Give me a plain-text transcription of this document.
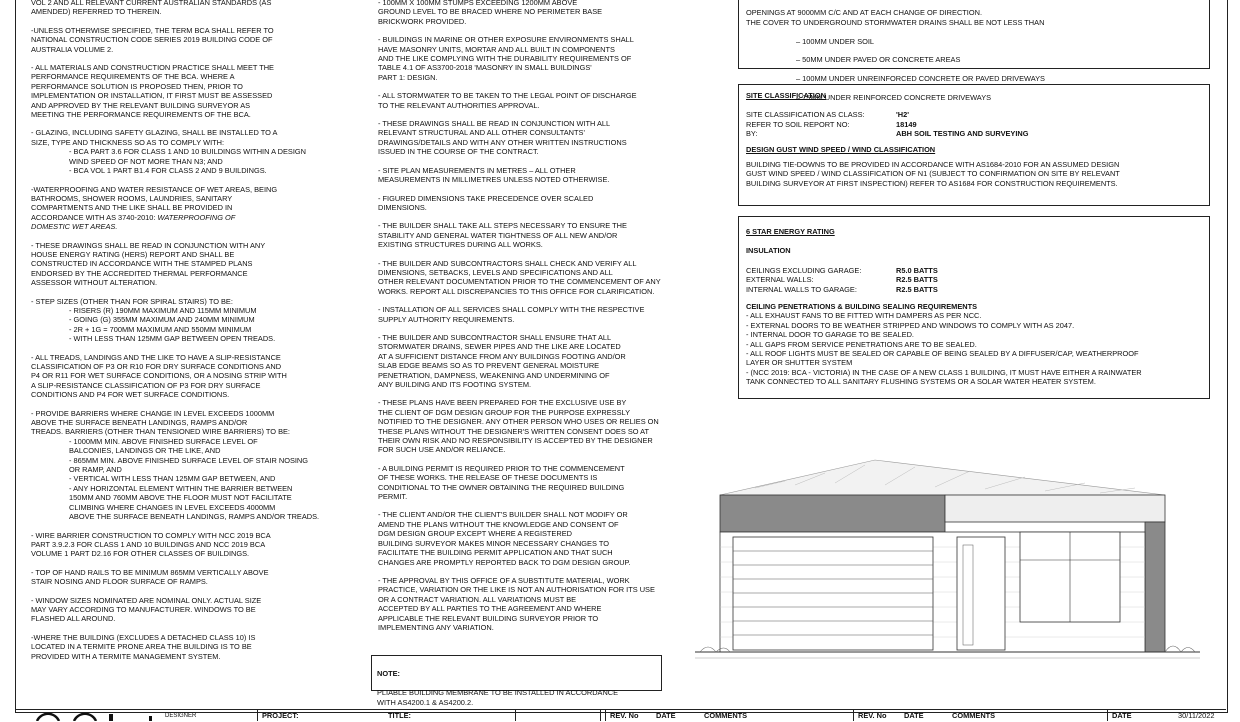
VOL 2 AND ALL RELEVANT CURRENT AUSTRALIAN STANDARDS (AS
AMENDED) REFERRED TO THEREIN.

-UNLESS OTHERWISE SPECIFIED, THE TERM BCA SHALL REFER TO
NATIONAL CONSTRUCTION CODE SERIES 2019 BUILDING CODE OF
AUSTRALIA VOLUME 2.

- ALL MATERIALS AND CONSTRUCTION PRACTICE SHALL MEET THE
PERFORMANCE REQUIREMENTS OF THE BCA. WHERE A
PERFORMANCE SOLUTION IS PROPOSED THEN, PRIOR TO
IMPLEMENTATION OR INSTALLATION, IT FIRST MUST BE ASSESSED
AND APPROVED BY THE RELEVANT BUILDING SURVEYOR AS
MEETING THE PERFORMANCE REQUIREMENTS OF THE BCA.

- GLAZING, INCLUDING SAFETY GLAZING, SHALL BE INSTALLED TO A
SIZE, TYPE AND THICKNESS SO AS TO COMPLY WITH:
- BCA PART 3.6 FOR CLASS 1 AND 10 BUILDINGS WITHIN A DESIGN
WIND SPEED OF NOT MORE THAN N3; AND
- BCA VOL 1 PART B1.4 FOR CLASS 2 AND 9 BUILDINGS.

-WATERPROOFING AND WATER RESISTANCE OF WET AREAS, BEING
BATHROOMS, SHOWER ROOMS, LAUNDRIES, SANITARY
COMPARTMENTS AND THE LIKE SHALL BE PROVIDED IN
ACCORDANCE WITH AS 3740-2010: WATERPROOFING OF
DOMESTIC WET AREAS.

- THESE DRAWINGS SHALL BE READ IN CONJUNCTION WITH ANY
HOUSE ENERGY RATING (HERS) REPORT AND SHALL BE
CONSTRUCTED IN ACCORDANCE WITH THE STAMPED PLANS
ENDORSED BY THE ACCREDITED THERMAL PERFORMANCE
ASSESSOR WITHOUT ALTERATION.

- STEP SIZES (OTHER THAN FOR SPIRAL STAIRS) TO BE:
- RISERS (R) 190MM MAXIMUM AND 115MM MINIMUM
- GOING (G) 355MM MAXIMUM AND 240MM MINIMUM
- 2R + 1G = 700MM MAXIMUM AND 550MM MINIMUM
- WITH LESS THAN 125MM GAP BETWEEN OPEN TREADS.

- ALL TREADS, LANDINGS AND THE LIKE TO HAVE A SLIP-RESISTANCE
CLASSIFICATION OF P3 OR R10 FOR DRY SURFACE CONDITIONS AND
P4 OR R11 FOR WET SURFACE CONDITIONS, OR A NOSING STRIP WITH
A SLIP-RESISTANCE CLASSIFICATION OF P3 FOR DRY SURFACE
CONDITIONS AND P4 FOR WET SURFACE CONDITIONS.

- PROVIDE BARRIERS WHERE CHANGE IN LEVEL EXCEEDS 1000MM
ABOVE THE SURFACE BENEATH LANDINGS, RAMPS AND/OR
TREADS. BARRIERS (OTHER THAN TENSIONED WIRE BARRIERS) TO BE:
- 1000MM MIN. ABOVE FINISHED SURFACE LEVEL OF
BALCONIES, LANDINGS OR THE LIKE, AND
- 865MM MIN. ABOVE FINISHED SURFACE LEVEL OF STAIR NOSING
OR RAMP, AND
- VERTICAL WITH LESS THAN 125MM GAP BETWEEN, AND
- ANY HORIZONTAL ELEMENT WITHIN THE BARRIER BETWEEN
150MM AND 760MM ABOVE THE FLOOR MUST NOT FACILITATE
CLIMBING WHERE CHANGES IN LEVEL EXCEEDS 4000MM
ABOVE THE SURFACE BENEATH LANDINGS, RAMPS AND/OR TREADS.

- WIRE BARRIER CONSTRUCTION TO COMPLY WITH NCC 2019 BCA
PART 3.9.2.3 FOR CLASS 1 AND 10 BUILDINGS AND NCC 2019 BCA
VOLUME 1 PART D2.16 FOR OTHER CLASSES OF BUILDINGS.

- TOP OF HAND RAILS TO BE MINIMUM 865MM VERTICALLY ABOVE
STAIR NOSING AND FLOOR SURFACE OF RAMPS.

- WINDOW SIZES NOMINATED ARE NOMINAL ONLY. ACTUAL SIZE
MAY VARY ACCORDING TO MANUFACTURER. WINDOWS TO BE
FLASHED ALL AROUND.

-WHERE THE BUILDING (EXCLUDES A DETACHED CLASS 10) IS
LOCATED IN A TERMITE PRONE AREA THE BUILDING IS TO BE
PROVIDED WITH A TERMITE MANAGEMENT SYSTEM.

- 100MM X 100MM STUMPS EXCEEDING 1200MM ABOVE
GROUND LEVEL TO BE BRACED WHERE NO PERIMETER BASE
BRICKWORK PROVIDED.

- BUILDINGS IN MARINE OR OTHER EXPOSURE ENVIRONMENTS SHALL
HAVE MASONRY UNITS, MORTAR AND ALL BUILT IN COMPONENTS
AND THE LIKE COMPLYING WITH THE DURABILITY REQUIREMENTS OF
TABLE 4.1 OF AS3700-2018 'MASONRY IN SMALL BUILDINGS'
PART 1: DESIGN.

- ALL STORMWATER TO BE TAKEN TO THE LEGAL POINT OF DISCHARGE
TO THE RELEVANT AUTHORITIES APPROVAL.

- THESE DRAWINGS SHALL BE READ IN CONJUNCTION WITH ALL
RELEVANT STRUCTURAL AND ALL OTHER CONSULTANTS'
DRAWINGS/DETAILS AND WITH ANY OTHER WRITTEN INSTRUCTIONS
ISSUED IN THE COURSE OF THE CONTRACT.

- SITE PLAN MEASUREMENTS IN METRES – ALL OTHER
MEASUREMENTS IN MILLIMETRES UNLESS NOTED OTHERWISE.

- FIGURED DIMENSIONS TAKE PRECEDENCE OVER SCALED
DIMENSIONS.

- THE BUILDER SHALL TAKE ALL STEPS NECESSARY TO ENSURE THE
STABILITY AND GENERAL WATER TIGHTNESS OF ALL NEW AND/OR
EXISTING STRUCTURES DURING ALL WORKS.

- THE BUILDER AND SUBCONTRACTORS SHALL CHECK AND VERIFY ALL
DIMENSIONS, SETBACKS, LEVELS AND SPECIFICATIONS AND ALL
OTHER RELEVANT DOCUMENTATION PRIOR TO THE COMMENCEMENT OF ANY
WORKS. REPORT ALL DISCREPANCIES TO THIS OFFICE FOR CLARIFICATION.

- INSTALLATION OF ALL SERVICES SHALL COMPLY WITH THE RESPECTIVE
SUPPLY AUTHORITY REQUIREMENTS.

- THE BUILDER AND SUBCONTRACTOR SHALL ENSURE THAT ALL
STORMWATER DRAINS, SEWER PIPES AND THE LIKE ARE LOCATED
AT A SUFFICIENT DISTANCE FROM ANY BUILDINGS FOOTING AND/OR
SLAB EDGE BEAMS SO AS TO PREVENT GENERAL MOISTURE
PENETRATION, DAMPNESS, WEAKENING AND UNDERMINING OF
ANY BUILDING AND ITS FOOTING SYSTEM.

- THESE PLANS HAVE BEEN PREPARED FOR THE EXCLUSIVE USE BY
THE CLIENT OF DGM DESIGN GROUP FOR THE PURPOSE EXPRESSLY
NOTIFIED TO THE DESIGNER. ANY OTHER PERSON WHO USES OR RELIES ON
THESE PLANS WITHOUT THE DESIGNER'S WRITTEN CONSENT DOES SO AT
THEIR OWN RISK AND NO RESPONSIBILITY IS ACCEPTED BY THE DESIGNER
FOR SUCH USE AND/OR RELIANCE.

- A BUILDING PERMIT IS REQUIRED PRIOR TO THE COMMENCEMENT
OF THESE WORKS. THE RELEASE OF THESE DOCUMENTS IS
CONDITIONAL TO THE OWNER OBTAINING THE REQUIRED BUILDING
PERMIT.

- THE CLIENT AND/OR THE CLIENT'S BUILDER SHALL NOT MODIFY OR
AMEND THE PLANS WITHOUT THE KNOWLEDGE AND CONSENT OF
DGM DESIGN GROUP EXCEPT WHERE A REGISTERED
BUILDING SURVEYOR MAKES MINOR NECESSARY CHANGES TO
FACILITATE THE BUILDING PERMIT APPLICATION AND THAT SUCH
CHANGES ARE PROMPTLY REPORTED BACK TO DGM DESIGN GROUP.

- THE APPROVAL BY THIS OFFICE OF A SUBSTITUTE MATERIAL, WORK
PRACTICE, VARIATION OR THE LIKE IS NOT AN AUTHORISATION FOR ITS USE
OR A CONTRACT VARIATION. ALL VARIATIONS MUST BE
ACCEPTED BY ALL PARTIES TO THE AGREEMENT AND WHERE
APPLICABLE THE RELEVANT BUILDING SURVEYOR PRIOR TO
IMPLEMENTING ANY VARIATION.

NOTE:

PLIABLE BUILDING MEMBRANE TO BE INSTALLED IN ACCORDANCE
WITH AS4200.1 & AS4200.2.

OPENINGS AT 9000MM C/C AND AT EACH CHANGE OF DIRECTION.
THE COVER TO UNDERGROUND STORMWATER DRAINS SHALL BE NOT LESS THAN

– 100MM UNDER SOIL

– 50MM UNDER PAVED OR CONCRETE AREAS

– 100MM UNDER UNREINFORCED CONCRETE OR PAVED DRIVEWAYS

– 75MM UNDER REINFORCED CONCRETE DRIVEWAYS

SITE CLASSIFICATION
SITE CLASSIFICATION AS CLASS:	'H2'
REFER TO SOIL REPORT NO:	18149
BY:	ABH SOIL TESTING AND SURVEYING
DESIGN GUST WIND SPEED / WIND CLASSIFICATION
BUILDING TIE-DOWNS TO BE PROVIDED IN ACCORDANCE WITH AS1684-2010 FOR AN ASSUMED DESIGN
GUST WIND SPEED / WIND CLASSIFICATION OF N1 (SUBJECT TO CONFIRMATION ON SITE BY RELEVANT
BUILDING SURVEYOR AT FIRST INSPECTION) REFER TO AS1684 FOR CONSTRUCTION REQUIREMENTS.
6 STAR ENERGY RATING
INSULATION
CEILINGS EXCLUDING GARAGE:	R5.0 BATTS
EXTERNAL WALLS:	R2.5 BATTS
INTERNAL WALLS TO GARAGE:	R2.5 BATTS
CEILING PENETRATIONS & BUILDING SEALING REQUIREMENTS
- ALL EXHAUST FANS TO BE FITTED WITH DAMPERS AS PER NCC.
- EXTERNAL DOORS TO BE WEATHER STRIPPED AND WINDOWS TO COMPLY WITH AS 2047.
- INTERNAL DOOR TO GARAGE TO BE SEALED.
- ALL GAPS FROM SERVICE PENETRATIONS ARE TO BE SEALED.
- ALL ROOF LIGHTS MUST BE SEALED OR CAPABLE OF BEING SEALED BY A DIFFUSER/CAP, WEATHERPROOF
LAYER OR SHUTTER SYSTEM
- (NCC 2019: BCA - VICTORIA) IN THE CASE OF A NEW CLASS 1 BUILDING, IT MUST HAVE EITHER A RAINWATER
TANK CONNECTED TO ALL SANITARY FLUSHING SYSTEMS OR A SOLAR WATER HEATER SYSTEM.
DESIGNER	PROJECT:	TITLE:	REV. No DATE	COMMENTS	REV. No DATE	COMMENTS	DATE	30/11/2022
